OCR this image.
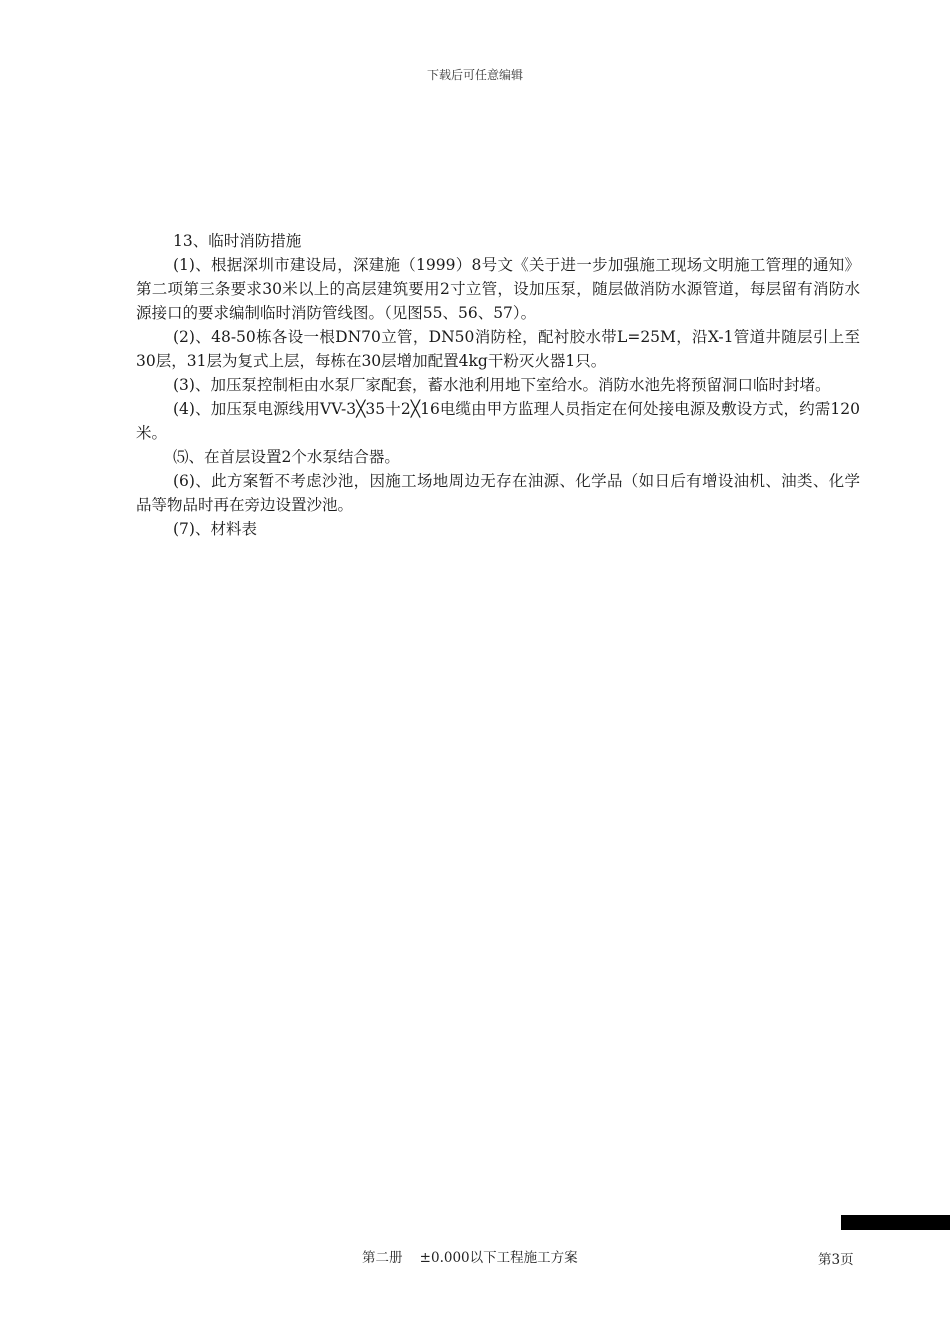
下载后可任意编辑

13、临时消防措施

(1)、根据深圳市建设局，深建施（1999）8号文《关于进一步加强施工现场文明施工管理的通知》第二项第三条要求30米以上的高层建筑要用2寸立管，设加压泵，随层做消防水源管道，每层留有消防水源接口的要求编制临时消防管线图。（见图55、56、57）。

(2)、48-50栋各设一根DN70立管，DN50消防栓，配衬胶水带L=25M，沿X-1管道井随层引上至30层，31层为复式上层，每栋在30层增加配置4kg干粉灭火器1只。

(3)、加压泵控制柜由水泵厂家配套，蓄水池利用地下室给水。消防水池先将预留洞口临时封堵。

(4)、加压泵电源线用VV-3╳35十2╳16电缆由甲方监理人员指定在何处接电源及敷设方式，约需120米。

⑸、在首层设置2个水泵结合器。

(6)、此方案暂不考虑沙池，因施工场地周边无存在油源、化学品（如日后有增设油机、油类、化学品等物品时再在旁边设置沙池。

(7)、材料表

第二册    ±0.000以下工程施工方案	第3页
